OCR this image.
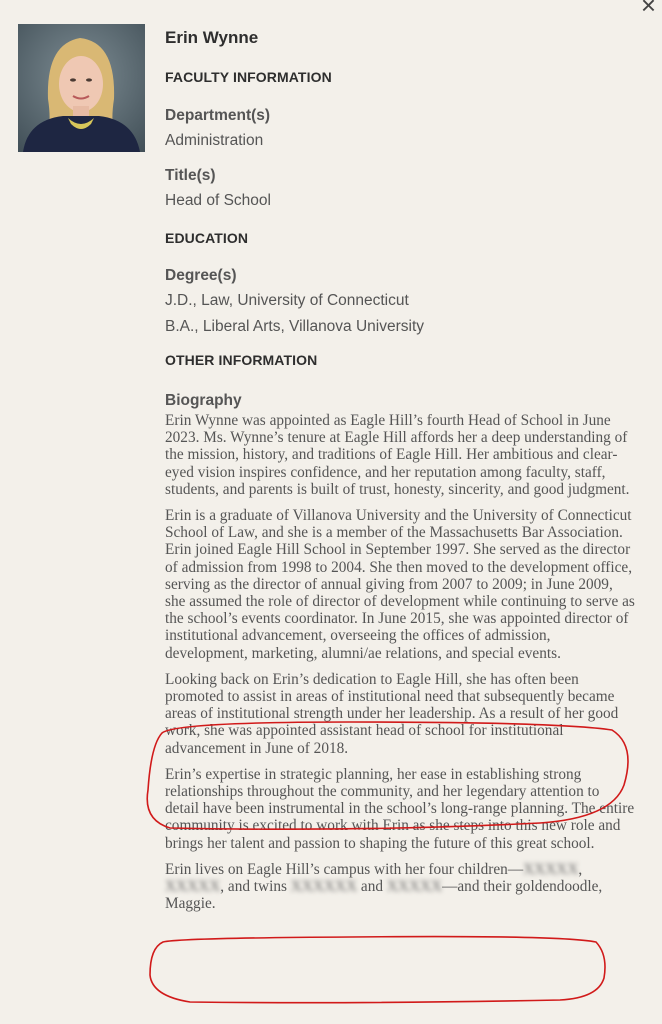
×
Erin Wynne
FACULTY INFORMATION
Department(s)
Administration
Title(s)
Head of School
EDUCATION
Degree(s)
J.D., Law, University of Connecticut
B.A., Liberal Arts, Villanova University
OTHER INFORMATION
Biography

Erin Wynne was appointed as Eagle Hill’s fourth Head of School in June 2023. Ms. Wynne’s tenure at Eagle Hill affords her a deep understanding of the mission, history, and traditions of Eagle Hill. Her ambitious and clear-eyed vision inspires confidence, and her reputation among faculty, staff, students, and parents is built of trust, honesty, sincerity, and good judgment.

Erin is a graduate of Villanova University and the University of Connecticut School of Law, and she is a member of the Massachusetts Bar Association. Erin joined Eagle Hill School in September 1997. She served as the director of admission from 1998 to 2004. She then moved to the development office, serving as the director of annual giving from 2007 to 2009; in June 2009, she assumed the role of director of development while continuing to serve as the school’s events coordinator. In June 2015, she was appointed director of institutional advancement, overseeing the offices of admission, development, marketing, alumni/ae relations, and special events.

Looking back on Erin’s dedication to Eagle Hill, she has often been promoted to assist in areas of institutional need that subsequently became areas of institutional strength under her leadership. As a result of her good work, she was appointed assistant head of school for institutional advancement in June of 2018.

Erin’s expertise in strategic planning, her ease in establishing strong relationships throughout the community, and her legendary attention to detail have been instrumental in the school’s long-range planning. The entire community is excited to work with Erin as she steps into this new role and brings her talent and passion to shaping the future of this great school.

Erin lives on Eagle Hill’s campus with her four children—XXXXX, XXXXX, and twins XXXXXX and XXXXX—and their goldendoodle, Maggie.
